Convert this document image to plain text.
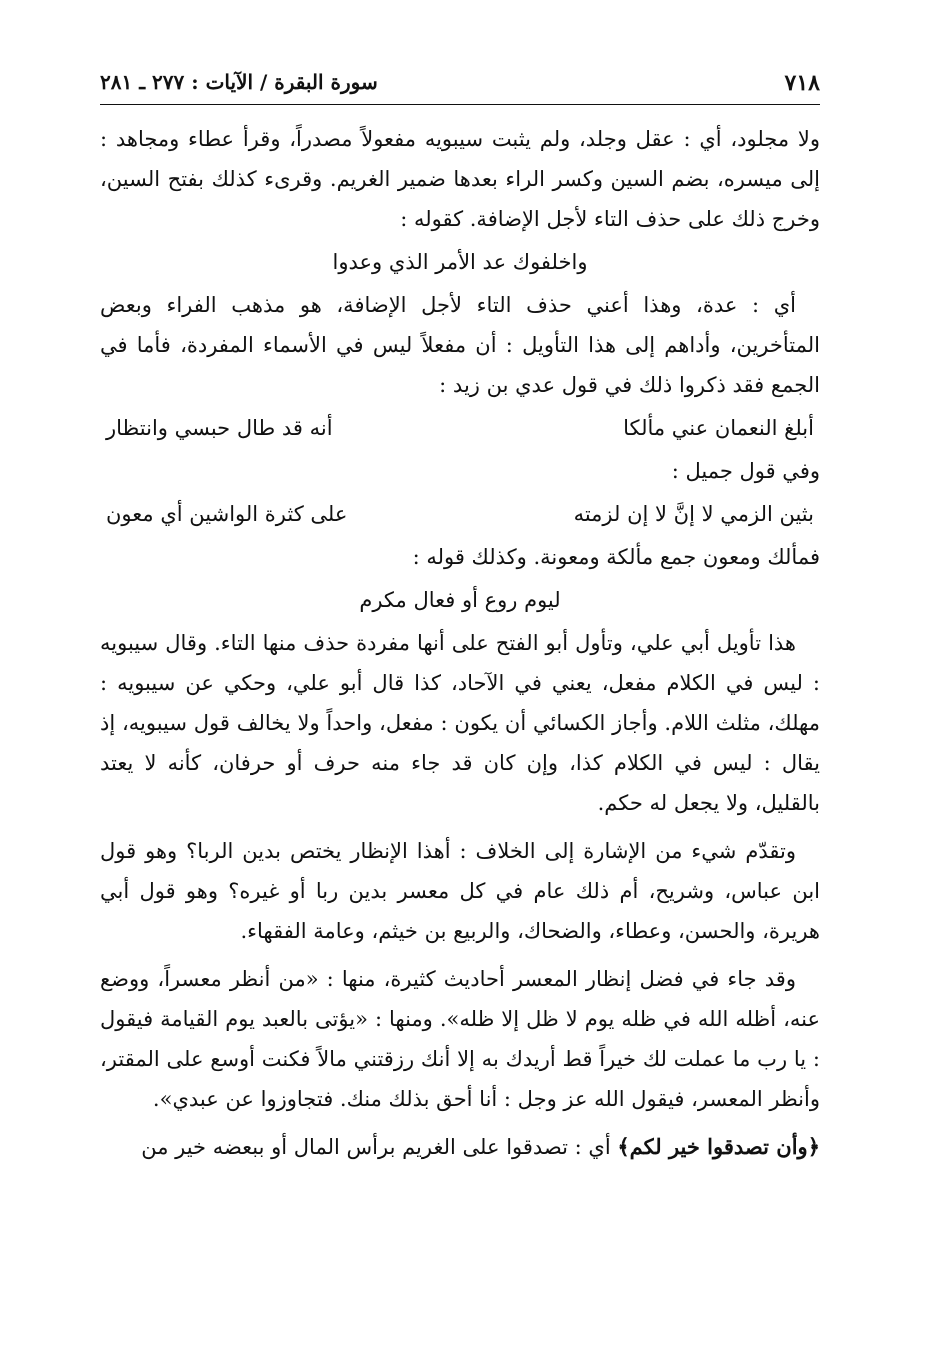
٧١٨
سورة البقرة / الآيات : ٢٧٧ ـ ٢٨١

ولا مجلود، أي : عقل وجلد، ولم يثبت سيبويه مفعولاً مصدراً، وقرأ عطاء ومجاهد : إلى ميسره، بضم السين وكسر الراء بعدها ضمير الغريم. وقرىء كذلك بفتح السين، وخرج ذلك على حذف التاء لأجل الإضافة. كقوله :

واخلفوك عد الأمر الذي وعدوا

أي : عدة، وهذا أعني حذف التاء لأجل الإضافة، هو مذهب الفراء وبعض المتأخرين، وأداهم إلى هذا التأويل : أن مفعلاً ليس في الأسماء المفردة، فأما في الجمع فقد ذكروا ذلك في قول عدي بن زيد :

أبلغ النعمان عني مألكا
أنه قد طال حبسي وانتظار

وفي قول جميل :

بثين الزمي لا إنَّ لا إن لزمته
على كثرة الواشين أي معون

فمألك ومعون جمع مألكة ومعونة. وكذلك قوله :

ليوم روع أو فعال مكرم

هذا تأويل أبي علي، وتأول أبو الفتح على أنها مفردة حذف منها التاء. وقال سيبويه : ليس في الكلام مفعل، يعني في الآحاد، كذا قال أبو علي، وحكي عن سيبويه : مهلك، مثلث اللام. وأجاز الكسائي أن يكون : مفعل، واحداً ولا يخالف قول سيبويه، إذ يقال : ليس في الكلام كذا، وإن كان قد جاء منه حرف أو حرفان، كأنه لا يعتد بالقليل، ولا يجعل له حكم.

وتقدّم شيء من الإشارة إلى الخلاف : أهذا الإنظار يختص بدين الربا؟ وهو قول ابن عباس، وشريح، أم ذلك عام في كل معسر بدين ربا أو غيره؟ وهو قول أبي هريرة، والحسن، وعطاء، والضحاك، والربيع بن خيثم، وعامة الفقهاء.

وقد جاء في فضل إنظار المعسر أحاديث كثيرة، منها : «من أنظر معسراً، ووضع عنه، أظله الله في ظله يوم لا ظل إلا ظله». ومنها : «يؤتى بالعبد يوم القيامة فيقول : يا رب ما عملت لك خيراً قط أريدك به إلا أنك رزقتني مالاً فكنت أوسع على المقتر، وأنظر المعسر، فيقول الله عز وجل : أنا أحق بذلك منك. فتجاوزوا عن عبدي».

﴿وأن تصدقوا خير لكم﴾ أي : تصدقوا على الغريم برأس المال أو ببعضه خير من
